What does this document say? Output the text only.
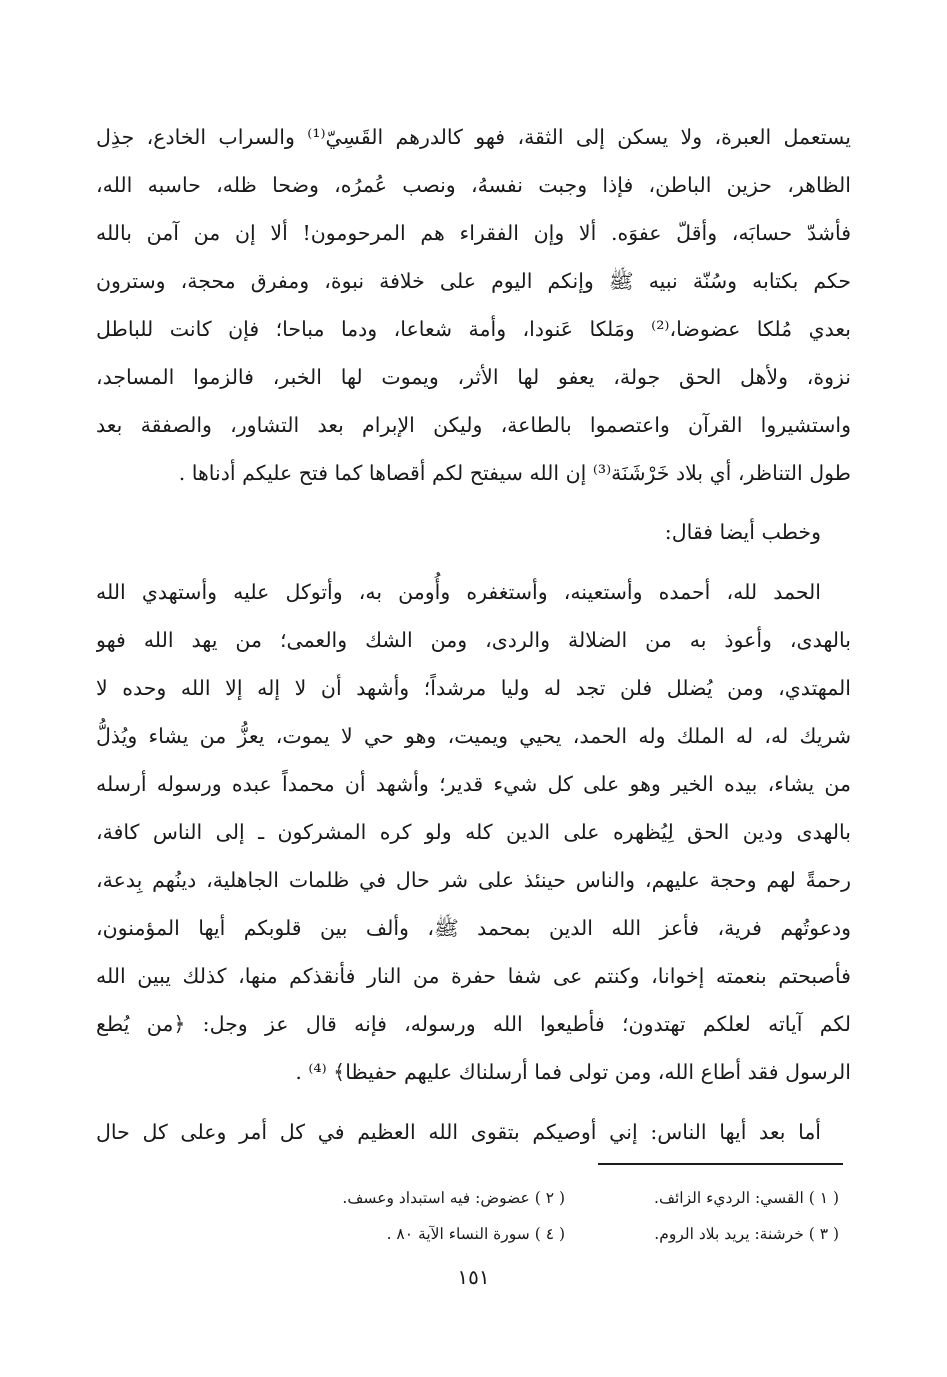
يستعمل العبرة، ولا يسكن إلى الثقة، فهو كالدرهم القَسِيّ⁽¹⁾ والسراب الخادع، جذِل
الظاهر، حزين الباطن، فإذا وجبت نفسهُ، ونصب عُمرُه، وضحا ظله، حاسبه الله،
فأشدّ حسابَه، وأقلّ عفوَه. ألا وإن الفقراء هم المرحومون! ألا إن من آمن بالله
حكم بكتابه وسُنّة نبيه ﷺ وإنكم اليوم على خلافة نبوة، ومفرق محجة، وسترون
بعدي مُلكا عضوضا،⁽²⁾ ومَلكا عَنودا، وأمة شعاعا، ودما مباحا؛ فإن كانت للباطل
نزوة، ولأهل الحق جولة، يعفو لها الأثر، ويموت لها الخبر، فالزموا المساجد،
واستشيروا القرآن واعتصموا بالطاعة، وليكن الإبرام بعد التشاور، والصفقة بعد
طول التناظر، أي بلاد خَرْشَنَة⁽³⁾ إن الله سيفتح لكم أقصاها كما فتح عليكم أدناها .
وخطب أيضا فقال:
الحمد لله، أحمده وأستعينه، وأستغفره وأُومن به، وأتوكل عليه وأستهدي الله
بالهدى، وأعوذ به من الضلالة والردى، ومن الشك والعمى؛ من يهد الله فهو
المهتدي، ومن يُضلل فلن تجد له وليا مرشداً؛ وأشهد أن لا إله إلا الله وحده لا
شريك له، له الملك وله الحمد، يحيي ويميت، وهو حي لا يموت، يعزُّ من يشاء ويُذلُّ
من يشاء، بيده الخير وهو على كل شيء قدير؛ وأشهد أن محمداً عبده ورسوله أرسله
بالهدى ودين الحق لِيُظهره على الدين كله ولو كره المشركون ـ إلى الناس كافة،
رحمةً لهم وحجة عليهم، والناس حينئذ على شر حال في ظلمات الجاهلية، دينُهم بِدعة،
ودعوتُهم فرية، فأعز الله الدين بمحمد ﷺ، وألف بين قلوبكم أيها المؤمنون،
فأصبحتم بنعمته إخوانا، وكنتم عى شفا حفرة من النار فأنقذكم منها، كذلك يبين الله
لكم آياته لعلكم تهتدون؛ فأطيعوا الله ورسوله، فإنه قال عز وجل: ﴿من يُطع
الرسول فقد أطاع الله، ومن تولى فما أرسلناك عليهم حفيظا﴾ ⁽⁴⁾ .
أما بعد أيها الناس: إني أوصيكم بتقوى الله العظيم في كل أمر وعلى كل حال
( ١ ) القسي: الرديء الزائف.
( ٢ ) عضوض: فيه استبداد وعسف.
( ٣ ) خرشنة: يريد بلاد الروم.
( ٤ ) سورة النساء الآية ٨٠ .
١٥١
